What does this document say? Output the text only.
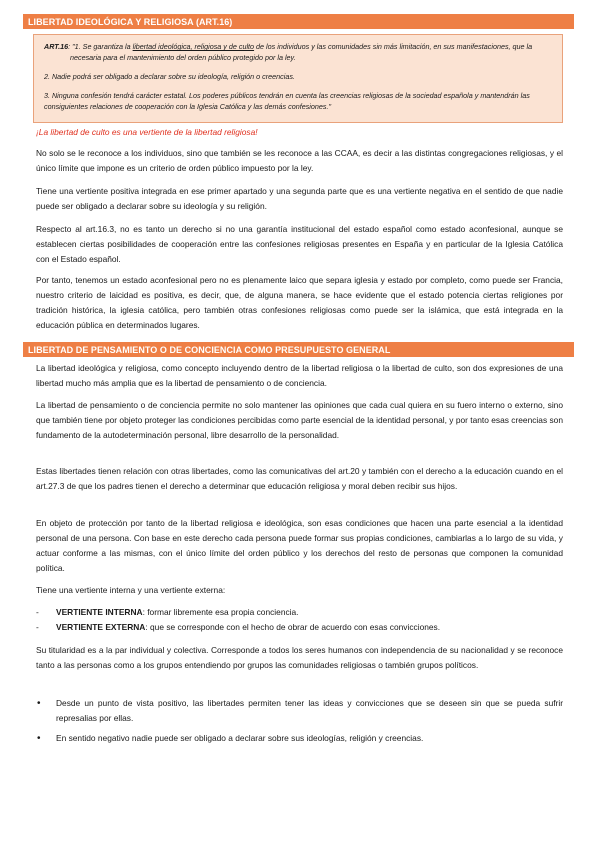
LIBERTAD IDEOLÓGICA Y RELIGIOSA (ART.16)

ART.16: "1. Se garantiza la libertad ideológica, religiosa y de culto de los individuos y las comunidades sin más limitación, en sus manifestaciones, que la necesaria para el mantenimiento del orden público protegido por la ley.

2. Nadie podrá ser obligado a declarar sobre su ideología, religión o creencias.

3. Ninguna confesión tendrá carácter estatal. Los poderes públicos tendrán en cuenta las creencias religiosas de la sociedad española y mantendrán las consiguientes relaciones de cooperación con la Iglesia Católica y las demás confesiones."

¡La libertad de culto es una vertiente de la libertad religiosa!

No solo se le reconoce a los individuos, sino que también se les reconoce a las CCAA, es decir a las distintas congregaciones religiosas, y el único límite que impone es un criterio de orden público impuesto por la ley.

Tiene una vertiente positiva integrada en ese primer apartado y una segunda parte que es una vertiente negativa en el sentido de que nadie puede ser obligado a declarar sobre su ideología y su religión.

Respecto al art.16.3, no es tanto un derecho si no una garantía institucional del estado español como estado aconfesional, aunque se establecen ciertas posibilidades de cooperación entre las confesiones religiosas presentes en España y en particular de la Iglesia Católica con el Estado español.

Por tanto, tenemos un estado aconfesional pero no es plenamente laico que separa iglesia y estado por completo, como puede ser Francia, nuestro criterio de laicidad es positiva, es decir, que, de alguna manera, se hace evidente que el estado potencia ciertas religiones por tradición histórica, la iglesia católica, pero también otras confesiones religiosas como puede ser la islámica, que está integrada en la educación pública en determinados lugares.

LIBERTAD DE PENSAMIENTO O DE CONCIENCIA COMO PRESUPUESTO GENERAL

La libertad ideológica y religiosa, como concepto incluyendo dentro de la libertad religiosa o la libertad de culto, son dos expresiones de una libertad mucho más amplia que es la libertad de pensamiento o de conciencia.

La libertad de pensamiento o de conciencia permite no solo mantener las opiniones que cada cual quiera en su fuero interno o externo, sino que también tiene por objeto proteger las condiciones percibidas como parte esencial de la identidad personal, y por tanto esas creencias son fundamento de la autodeterminación personal, libre desarrollo de la personalidad.

Estas libertades tienen relación con otras libertades, como las comunicativas del art.20 y también con el derecho a la educación cuando en el art.27.3 de que los padres tienen el derecho a determinar que educación religiosa y moral deben recibir sus hijos.

En objeto de protección por tanto de la libertad religiosa e ideológica, son esas condiciones que hacen una parte esencial a la identidad personal de una persona. Con base en este derecho cada persona puede formar sus propias condiciones, cambiarlas a lo largo de su vida, y actuar conforme a las mismas, con el único límite del orden público y los derechos del resto de personas que componen la comunidad política.

Tiene una vertiente interna y una vertiente externa:

- VERTIENTE INTERNA: formar libremente esa propia conciencia.
- VERTIENTE EXTERNA: que se corresponde con el hecho de obrar de acuerdo con esas convicciones.

Su titularidad es a la par individual y colectiva. Corresponde a todos los seres humanos con independencia de su nacionalidad y se reconoce tanto a las personas como a los grupos entendiendo por grupos las comunidades religiosas o también grupos políticos.

• Desde un punto de vista positivo, las libertades permiten tener las ideas y convicciones que se deseen sin que se pueda sufrir represalias por ellas.
• En sentido negativo nadie puede ser obligado a declarar sobre sus ideologías, religión y creencias.
